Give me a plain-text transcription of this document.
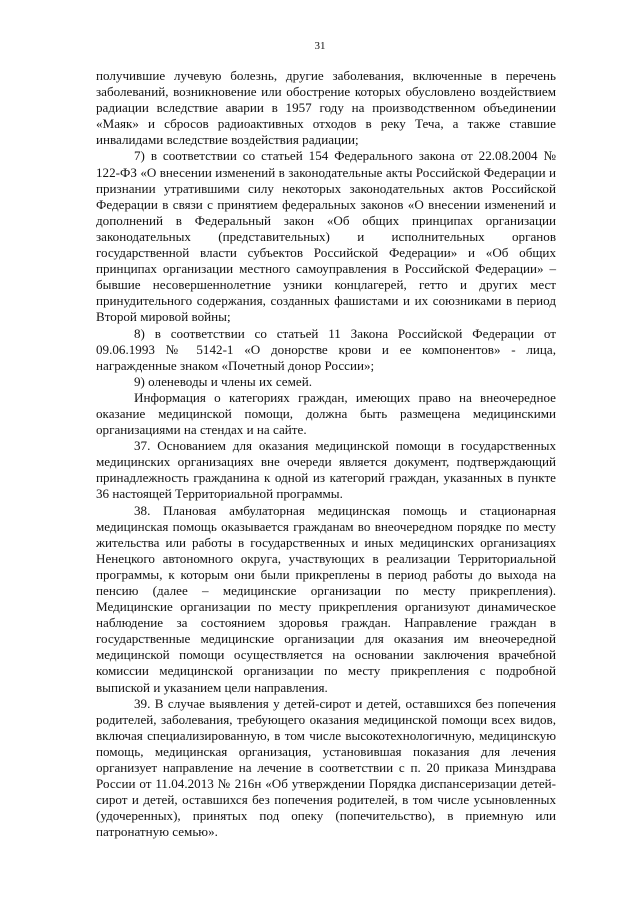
31

получившие лучевую болезнь, другие заболевания, включенные в перечень заболеваний, возникновение или обострение которых обусловлено воздействием радиации вследствие аварии в 1957 году на производственном объединении «Маяк» и сбросов радиоактивных отходов в реку Теча, а также ставшие инвалидами вследствие воздействия радиации;

7) в соответствии со статьей 154 Федерального закона от 22.08.2004 № 122-ФЗ «О внесении изменений в законодательные акты Российской Федерации и признании утратившими силу некоторых законодательных актов Российской Федерации в связи с принятием федеральных законов «О внесении изменений и дополнений в Федеральный закон «Об общих принципах организации законодательных (представительных) и исполнительных органов государственной власти субъектов Российской Федерации» и «Об общих принципах организации местного самоуправления в Российской Федерации» – бывшие несовершеннолетние узники концлагерей, гетто и других мест принудительного содержания, созданных фашистами и их союзниками в период Второй мировой войны;

8) в соответствии со статьей 11 Закона Российской Федерации от 09.06.1993 № 5142-1 «О донорстве крови и ее компонентов» - лица, награжденные знаком «Почетный донор России»;

9) оленеводы и члены их семей.

Информация о категориях граждан, имеющих право на внеочередное оказание медицинской помощи, должна быть размещена медицинскими организациями на стендах и на сайте.

37. Основанием для оказания медицинской помощи в государственных медицинских организациях вне очереди является документ, подтверждающий принадлежность гражданина к одной из категорий граждан, указанных в пункте 36 настоящей Территориальной программы.

38. Плановая амбулаторная медицинская помощь и стационарная медицинская помощь оказывается гражданам во внеочередном порядке по месту жительства или работы в государственных и иных медицинских организациях Ненецкого автономного округа, участвующих в реализации Территориальной программы, к которым они были прикреплены в период работы до выхода на пенсию (далее – медицинские организации по месту прикрепления). Медицинские организации по месту прикрепления организуют динамическое наблюдение за состоянием здоровья граждан. Направление граждан в государственные медицинские организации для оказания им внеочередной медицинской помощи осуществляется на основании заключения врачебной комиссии медицинской организации по месту прикрепления с подробной выпиской и указанием цели направления.

39. В случае выявления у детей-сирот и детей, оставшихся без попечения родителей, заболевания, требующего оказания медицинской помощи всех видов, включая специализированную, в том числе высокотехнологичную, медицинскую помощь, медицинская организация, установившая показания для лечения организует направление на лечение в соответствии с п. 20 приказа Минздрава России от 11.04.2013 № 216н «Об утверждении Порядка диспансеризации детей-сирот и детей, оставшихся без попечения родителей, в том числе усыновленных (удочеренных), принятых под опеку (попечительство), в приемную или патронатную семью».
